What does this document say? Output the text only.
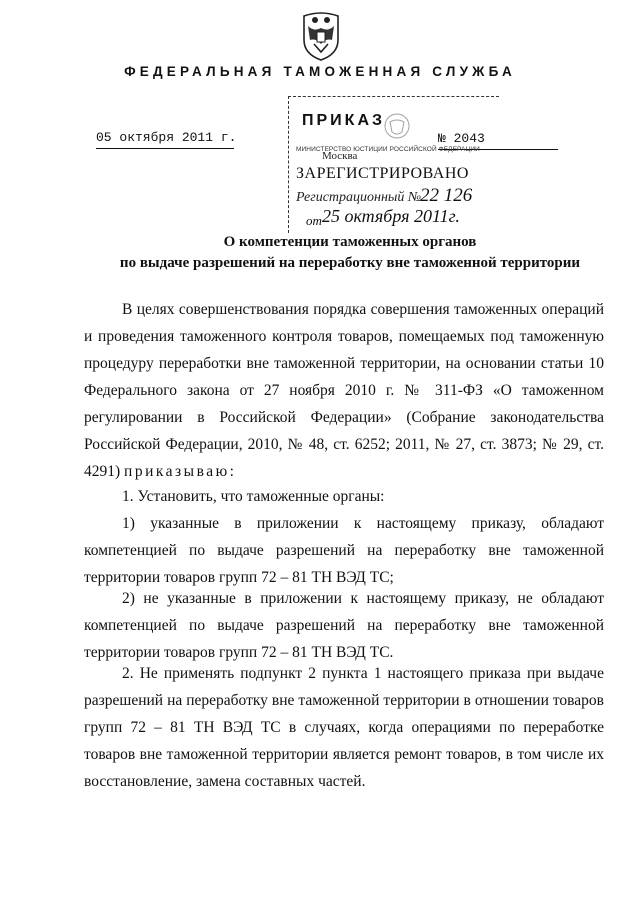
ФЕДЕРАЛЬНАЯ ТАМОЖЕННАЯ СЛУЖБА
05 октября 2011 г.
ПРИКАЗ
№ 2043
МИНИСТЕРСТВО ЮСТИЦИИ РОССИЙСКОЙ ФЕДЕРАЦИИ
Москва
ЗАРЕГИСТРИРОВАНО
Регистрационный №
22 126
от 25 октября 2011г.
О компетенции таможенных органов
по выдаче разрешений на переработку вне таможенной территории
В целях совершенствования порядка совершения таможенных операций и проведения таможенного контроля товаров, помещаемых под таможенную процедуру переработки вне таможенной территории, на основании статьи 10 Федерального закона от 27 ноября 2010 г. № 311-ФЗ «О таможенном регулировании в Российской Федерации» (Собрание законодательства Российской Федерации, 2010, № 48, ст. 6252; 2011, № 27, ст. 3873; № 29, ст. 4291) приказываю:
1. Установить, что таможенные органы:
1) указанные в приложении к настоящему приказу, обладают компетенцией по выдаче разрешений на переработку вне таможенной территории товаров групп 72 – 81 ТН ВЭД ТС;
2) не указанные в приложении к настоящему приказу, не обладают компетенцией по выдаче разрешений на переработку вне таможенной территории товаров групп 72 – 81 ТН ВЭД ТС.
2. Не применять подпункт 2 пункта 1 настоящего приказа при выдаче разрешений на переработку вне таможенной территории в отношении товаров групп 72 – 81 ТН ВЭД ТС в случаях, когда операциями по переработке товаров вне таможенной территории является ремонт товаров, в том числе их восстановление, замена составных частей.
